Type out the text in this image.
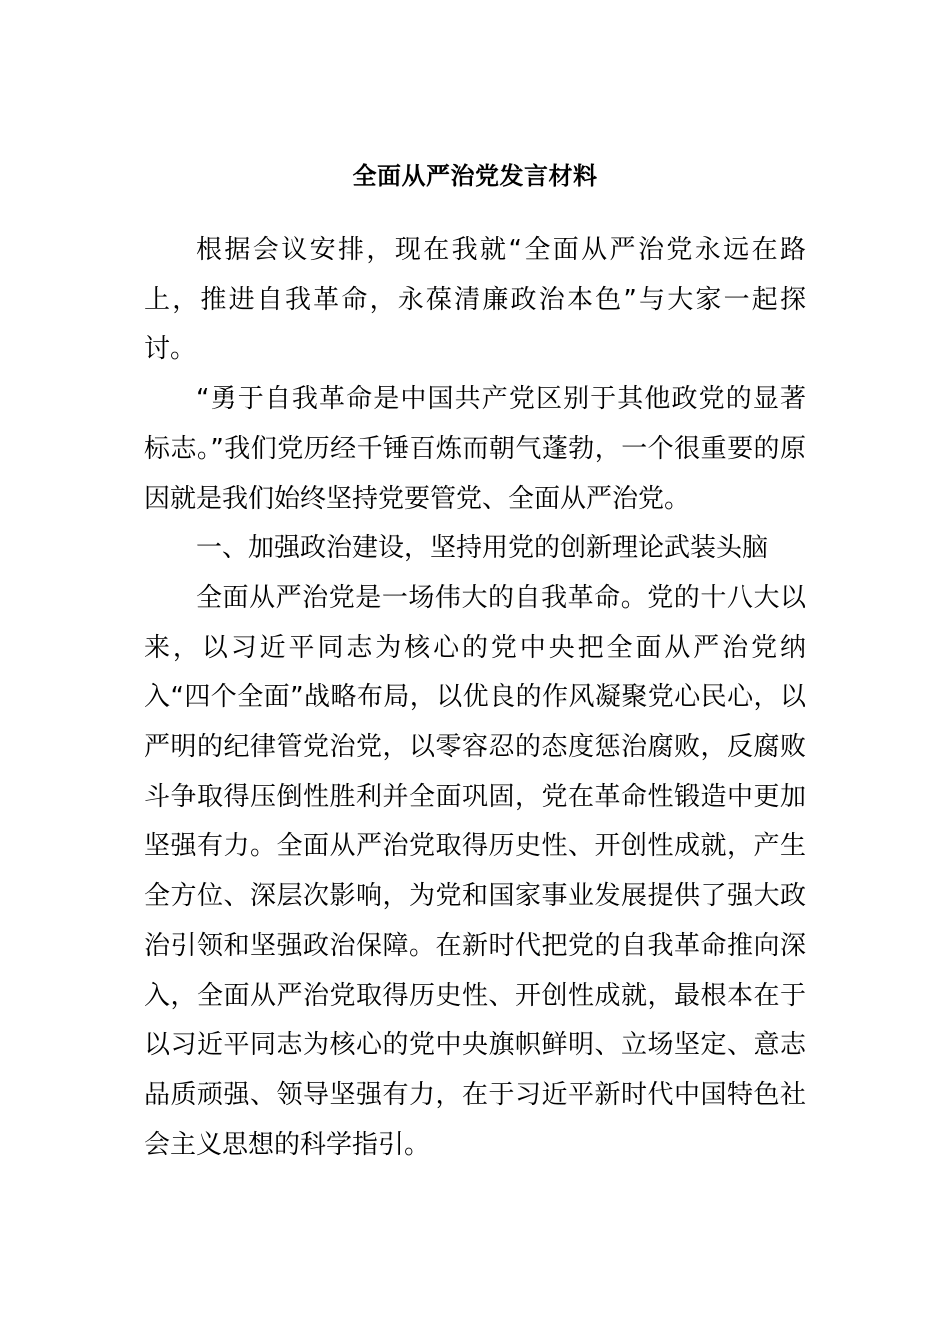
全面从严治党发言材料

根据会议安排，现在我就“全面从严治党永远在路上，推进自我革命，永葆清廉政治本色”与大家一起探讨。

“勇于自我革命是中国共产党区别于其他政党的显著标志。”我们党历经千锤百炼而朝气蓬勃，一个很重要的原因就是我们始终坚持党要管党、全面从严治党。

一、加强政治建设，坚持用党的创新理论武装头脑

全面从严治党是一场伟大的自我革命。党的十八大以来，以习近平同志为核心的党中央把全面从严治党纳入“四个全面”战略布局，以优良的作风凝聚党心民心，以严明的纪律管党治党，以零容忍的态度惩治腐败，反腐败斗争取得压倒性胜利并全面巩固，党在革命性锻造中更加坚强有力。全面从严治党取得历史性、开创性成就，产生全方位、深层次影响，为党和国家事业发展提供了强大政治引领和坚强政治保障。在新时代把党的自我革命推向深入，全面从严治党取得历史性、开创性成就，最根本在于以习近平同志为核心的党中央旗帜鲜明、立场坚定、意志品质顽强、领导坚强有力，在于习近平新时代中国特色社会主义思想的科学指引。
